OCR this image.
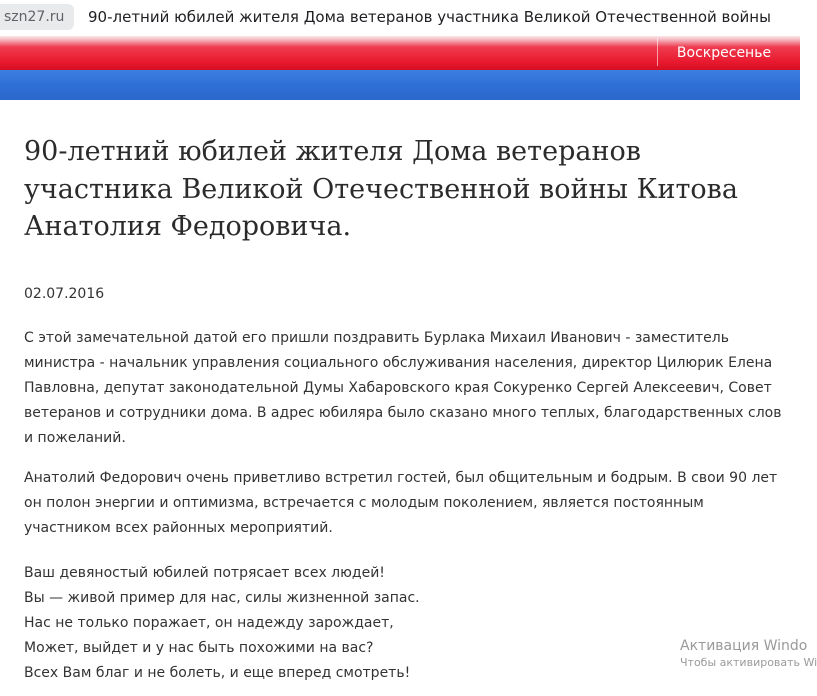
szn27.ru	90-летний юбилей жителя Дома ветеранов участника Великой Отечественной войны
Воскресенье
90-летний юбилей жителя Дома ветеранов участника Великой Отечественной войны Китова Анатолия Федоровича.
02.07.2016

С этой замечательной датой его пришли поздравить Бурлака Михаил Иванович - заместитель министра - начальник управления социального обслуживания населения, директор Цилюрик Елена Павловна, депутат законодательной Думы Хабаровского края Сокуренко Сергей Алексеевич, Совет ветеранов и сотрудники дома. В адрес юбиляра было сказано много теплых, благодарственных слов и пожеланий.

Анатолий Федорович очень приветливо встретил гостей, был общительным и бодрым. В свои 90 лет он полон энергии и оптимизма, встречается с молодым поколением, является постоянным участником всех районных мероприятий.

Ваш девяностый юбилей потрясает всех людей!
Вы — живой пример для нас, силы жизненной запас.
Нас не только поражает, он надежду зарождает,
Может, выйдет и у нас быть похожими на вас?
Всех Вам благ и не болеть, и еще вперед смотреть!
Активация Windo
Чтобы активировать Wi
